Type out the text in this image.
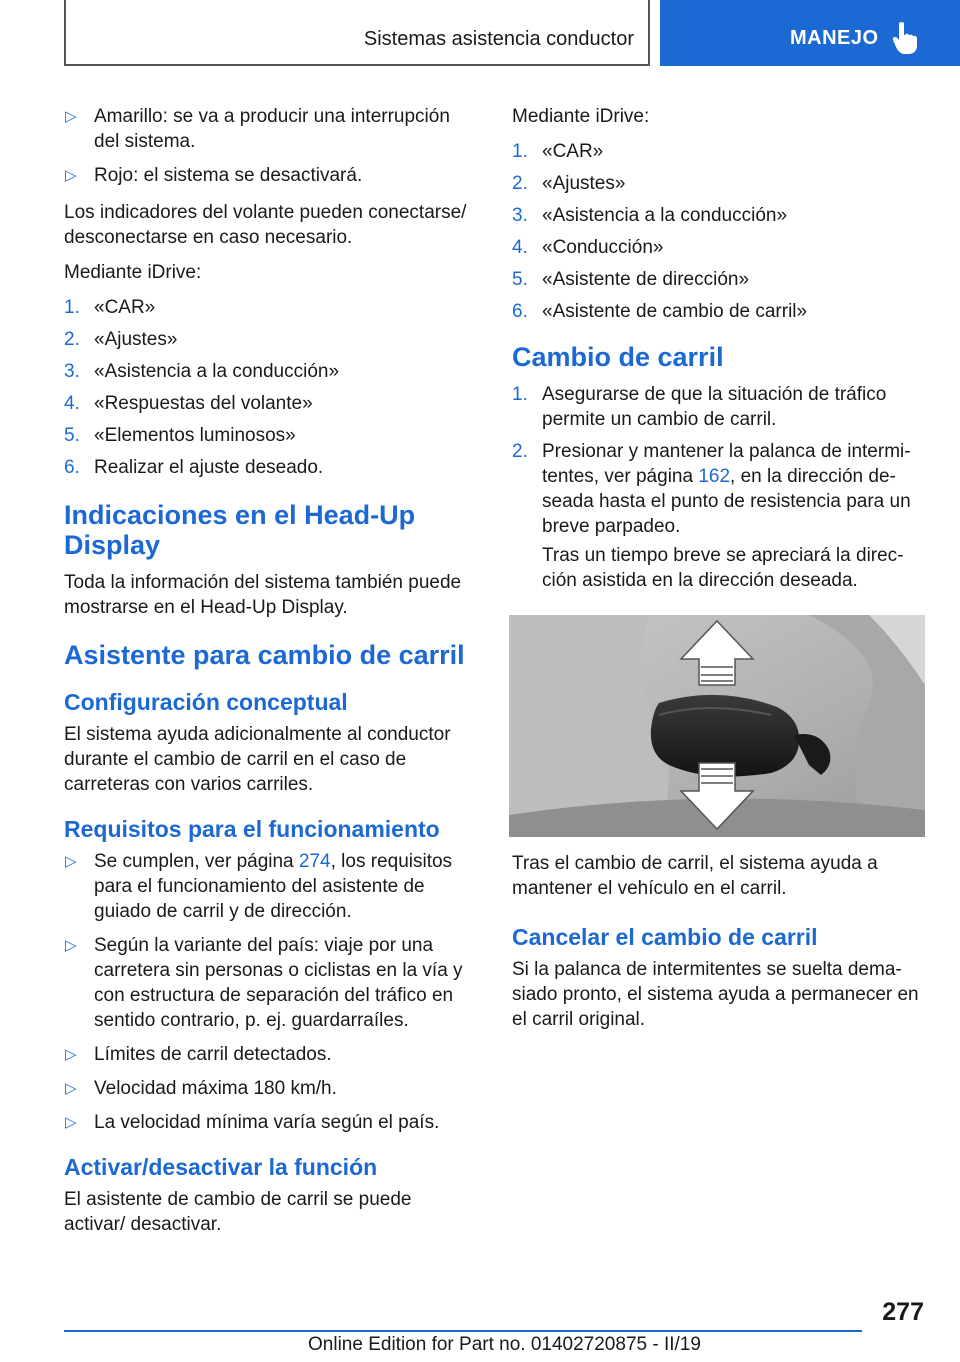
Sistemas asistencia conductor	MANEJO
▷ Amarillo: se va a producir una interrupción del sistema.
▷ Rojo: el sistema se desactivará.

Los indicadores del volante pueden conectarse/ desconectarse en caso necesario.

Mediante iDrive:

1. «CAR»
2. «Ajustes»
3. «Asistencia a la conducción»
4. «Respuestas del volante»
5. «Elementos luminosos»
6. Realizar el ajuste deseado.
Indicaciones en el Head-Up Display

Toda la información del sistema también puede mostrarse en el Head-Up Display.

Asistente para cambio de carril
Configuración conceptual

El sistema ayuda adicionalmente al conductor durante el cambio de carril en el caso de carreteras con varios carriles.

Requisitos para el funcionamiento
▷ Se cumplen, ver página 274, los requisitos para el funcionamiento del asistente de guiado de carril y de dirección.
▷ Según la variante del país: viaje por una carretera sin personas o ciclistas en la vía y con estructura de separación del tráfico en sentido contrario, p. ej. guardarraíles.
▷ Límites de carril detectados.
▷ Velocidad máxima 180 km/h.
▷ La velocidad mínima varía según el país.
Activar/desactivar la función

El asistente de cambio de carril se puede activar/ desactivar.

Mediante iDrive:

1. «CAR»
2. «Ajustes»
3. «Asistencia a la conducción»
4. «Conducción»
5. «Asistente de dirección»
6. «Asistente de cambio de carril»
Cambio de carril
1. Asegurarse de que la situación de tráfico permite un cambio de carril.
2. Presionar y mantener la palanca de intermitentes, ver página 162, en la dirección deseada hasta el punto de resistencia para un breve parpadeo.
Tras un tiempo breve se apreciará la dirección asistida en la dirección deseada.

Tras el cambio de carril, el sistema ayuda a mantener el vehículo en el carril.

Cancelar el cambio de carril

Si la palanca de intermitentes se suelta demasiado pronto, el sistema ayuda a permanecer en el carril original.

277
Online Edition for Part no. 01402720875 - II/19
